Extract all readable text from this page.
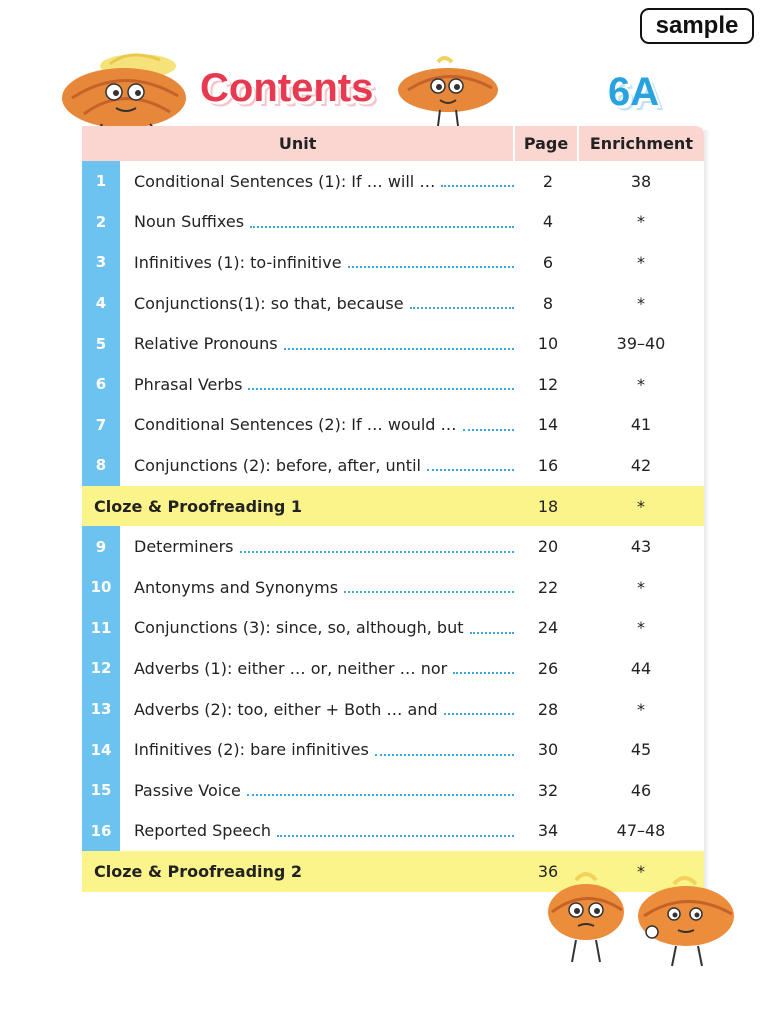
sample
Contents	6A
Unit	Page	Enrichment
1	Conditional Sentences (1): If … will …	2	38
2	Noun Suffixes	4	*
3	Infinitives (1): to-infinitive	6	*
4	Conjunctions(1): so that, because	8	*
5	Relative Pronouns	10	39–40
6	Phrasal Verbs	12	*
7	Conditional Sentences (2): If … would …	14	41
8	Conjunctions (2): before, after, until	16	42
Cloze & Proofreading 1	18	*
9	Determiners	20	43
10	Antonyms and Synonyms	22	*
11	Conjunctions (3): since, so, although, but	24	*
12	Adverbs (1): either … or, neither … nor	26	44
13	Adverbs (2): too, either + Both … and	28	*
14	Infinitives (2): bare infinitives	30	45
15	Passive Voice	32	46
16	Reported Speech	34	47–48
Cloze & Proofreading 2	36	*
